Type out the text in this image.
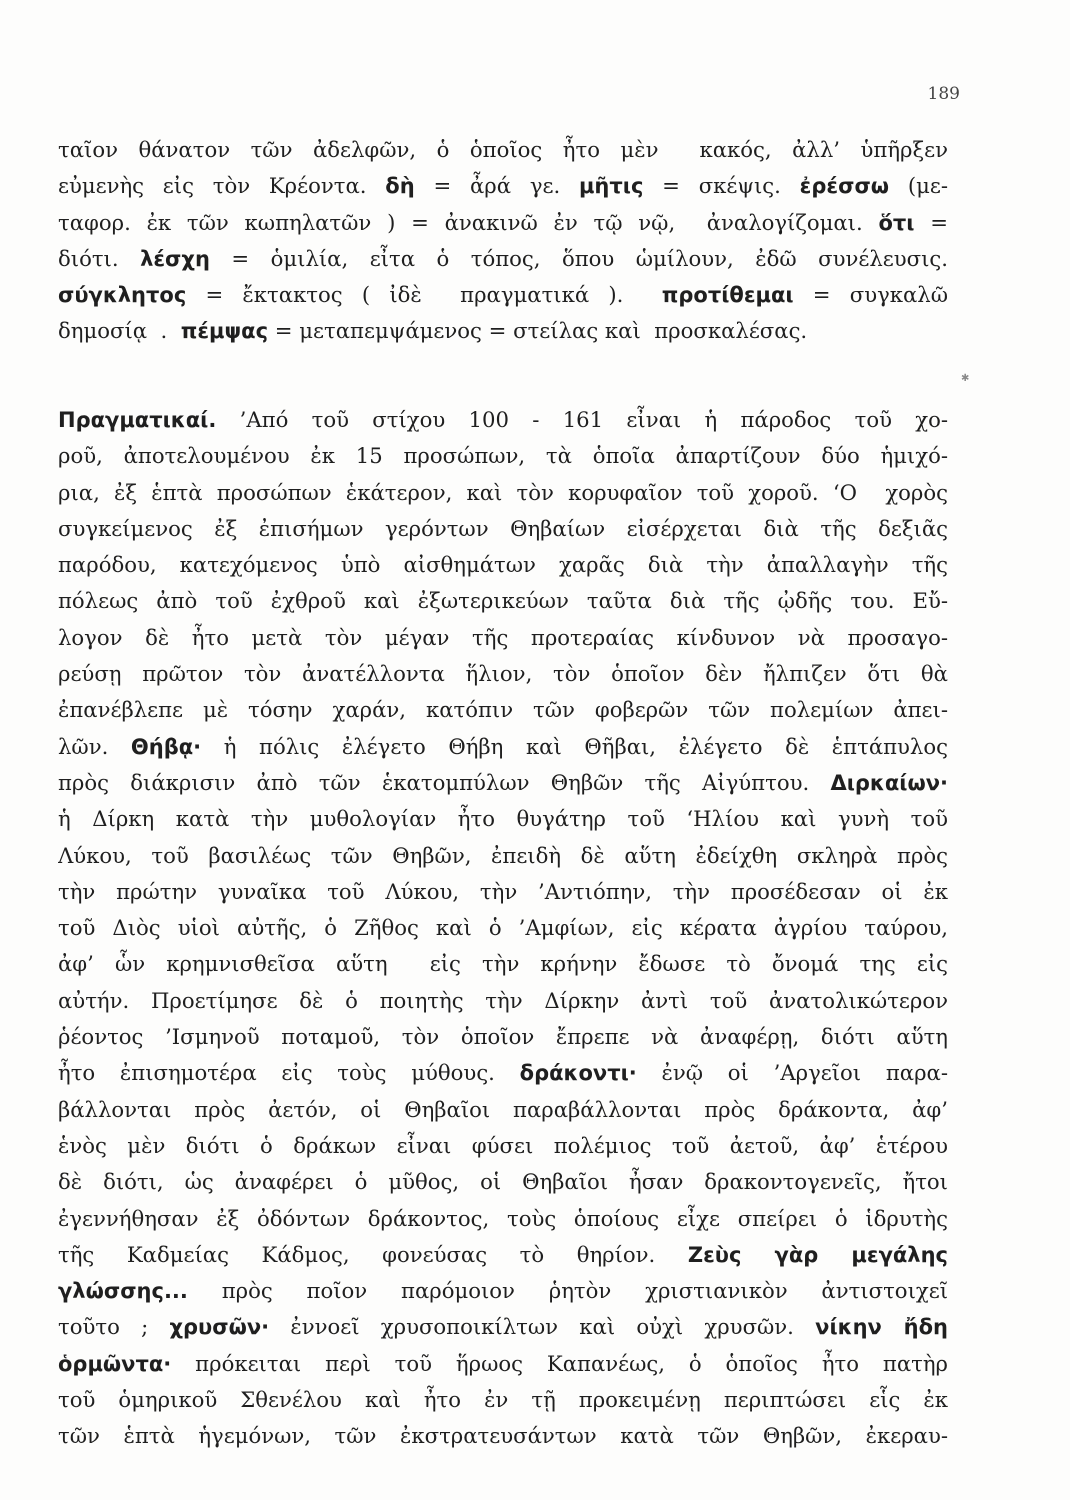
189
✱
ταῖον θάνατον τῶν ἀδελφῶν, ὁ ὁποῖος ἦτο μὲν  κακός, ἀλλ’ ὑπῆρξεν
εὐμενὴς εἰς τὸν Κρέοντα. δὴ = ἆρά γε. μῆτις = σκέψις. ἐρέσσω (με-
ταφορ. ἐκ τῶν κωπηλατῶν ) = ἀνακινῶ ἐν τῷ νῷ,  ἀναλογίζομαι. ὅτι =
διότι. λέσχη = ὁμιλία, εἶτα ὁ τόπος, ὅπου ὡμίλουν, ἐδῶ συνέλευσις.
σύγκλητος = ἔκτακτος ( ἰδὲ  πραγματικά ).  προτίθεμαι = συγκαλῶ
δημοσίᾳ  .  πέμψας = μεταπεμψάμενος = στείλας καὶ  προσκαλέσας.
Πραγματικαί. ’Από τοῦ στίχου 100 - 161 εἶναι ἡ πάροδος τοῦ χο-
ροῦ, ἀποτελουμένου ἐκ 15 προσώπων, τὰ ὁποῖα ἀπαρτίζουν δύο ἡμιχό-
ρια, ἐξ ἑπτὰ προσώπων ἑκάτερον, καὶ τὸν κορυφαῖον τοῦ χοροῦ. ‘Ο  χορὸς
συγκείμενος ἐξ ἐπισήμων γερόντων Θηβαίων εἰσέρχεται διὰ τῆς δεξιᾶς
παρόδου, κατεχόμενος ὑπὸ αἰσθημάτων χαρᾶς διὰ τὴν ἀπαλλαγὴν τῆς
πόλεως ἀπὸ τοῦ ἐχθροῦ καὶ ἐξωτερικεύων ταῦτα διὰ τῆς ᾠδῆς του. Εὔ-
λογον δὲ ἦτο μετὰ τὸν μέγαν τῆς προτεραίας κίνδυνον νὰ προσαγο-
ρεύσῃ πρῶτον τὸν ἀνατέλλοντα ἥλιον, τὸν ὁποῖον δὲν ἤλπιζεν ὅτι θὰ
ἐπανέβλεπε μὲ τόσην χαράν, κατόπιν τῶν φοβερῶν τῶν πολεμίων ἀπει-
λῶν. Θήβᾳ· ἡ πόλις ἐλέγετο Θήβη καὶ Θῆβαι, ἐλέγετο δὲ ἑπτάπυλος
πρὸς διάκρισιν ἀπὸ τῶν ἑκατομπύλων Θηβῶν τῆς Αἰγύπτου. Διρκαίων·
ἡ Δίρκη κατὰ τὴν μυθολογίαν ἦτο θυγάτηρ τοῦ ‘Ηλίου καὶ γυνὴ τοῦ
Λύκου, τοῦ βασιλέως τῶν Θηβῶν, ἐπειδὴ δὲ αὕτη ἐδείχθη σκληρὰ πρὸς
τὴν πρώτην γυναῖκα τοῦ Λύκου, τὴν ’Αντιόπην, τὴν προσέδεσαν οἱ ἐκ
τοῦ Διὸς υἱοὶ αὐτῆς, ὁ Ζῆθος καὶ ὁ ’Αμφίων, εἰς κέρατα ἀγρίου ταύρου,
ἀφ’ ὧν κρημνισθεῖσα αὕτη  εἰς τὴν κρήνην ἔδωσε τὸ ὄνομά της εἰς
αὐτήν. Προετίμησε δὲ ὁ ποιητὴς τὴν Δίρκην ἀντὶ τοῦ ἀνατολικώτερον
ῥέοντος ’Ισμηνοῦ ποταμοῦ, τὸν ὁποῖον ἔπρεπε νὰ ἀναφέρῃ, διότι αὕτη
ἦτο ἐπισημοτέρα εἰς τοὺς μύθους. δράκοντι· ἐνῷ οἱ ’Αργεῖοι παρα-
βάλλονται πρὸς ἀετόν, οἱ Θηβαῖοι παραβάλλονται πρὸς δράκοντα, ἀφ’
ἑνὸς μὲν διότι ὁ δράκων εἶναι φύσει πολέμιος τοῦ ἀετοῦ, ἀφ’ ἑτέρου
δὲ διότι, ὡς ἀναφέρει ὁ μῦθος, οἱ Θηβαῖοι ἦσαν δρακοντογενεῖς, ἤτοι
ἐγεννήθησαν ἐξ ὀδόντων δράκοντος, τοὺς ὁποίους εἶχε σπείρει ὁ ἱδρυτὴς
τῆς Καδμείας Κάδμος, φονεύσας τὸ θηρίον. Ζεὺς γὰρ μεγάλης
γλώσσης... πρὸς ποῖον παρόμοιον ῥητὸν χριστιανικὸν ἀντιστοιχεῖ
τοῦτο ; χρυσῶν· ἐννοεῖ χρυσοποικίλτων καὶ οὐχὶ χρυσῶν. νίκην ἤδη
ὁρμῶντα· πρόκειται περὶ τοῦ ἥρωος Καπανέως, ὁ ὁποῖος ἦτο πατὴρ
τοῦ ὁμηρικοῦ Σθενέλου καὶ ἦτο ἐν τῇ προκειμένῃ περιπτώσει εἷς ἐκ
τῶν ἑπτὰ ἡγεμόνων, τῶν ἐκστρατευσάντων κατὰ τῶν Θηβῶν, ἐκεραυ-
